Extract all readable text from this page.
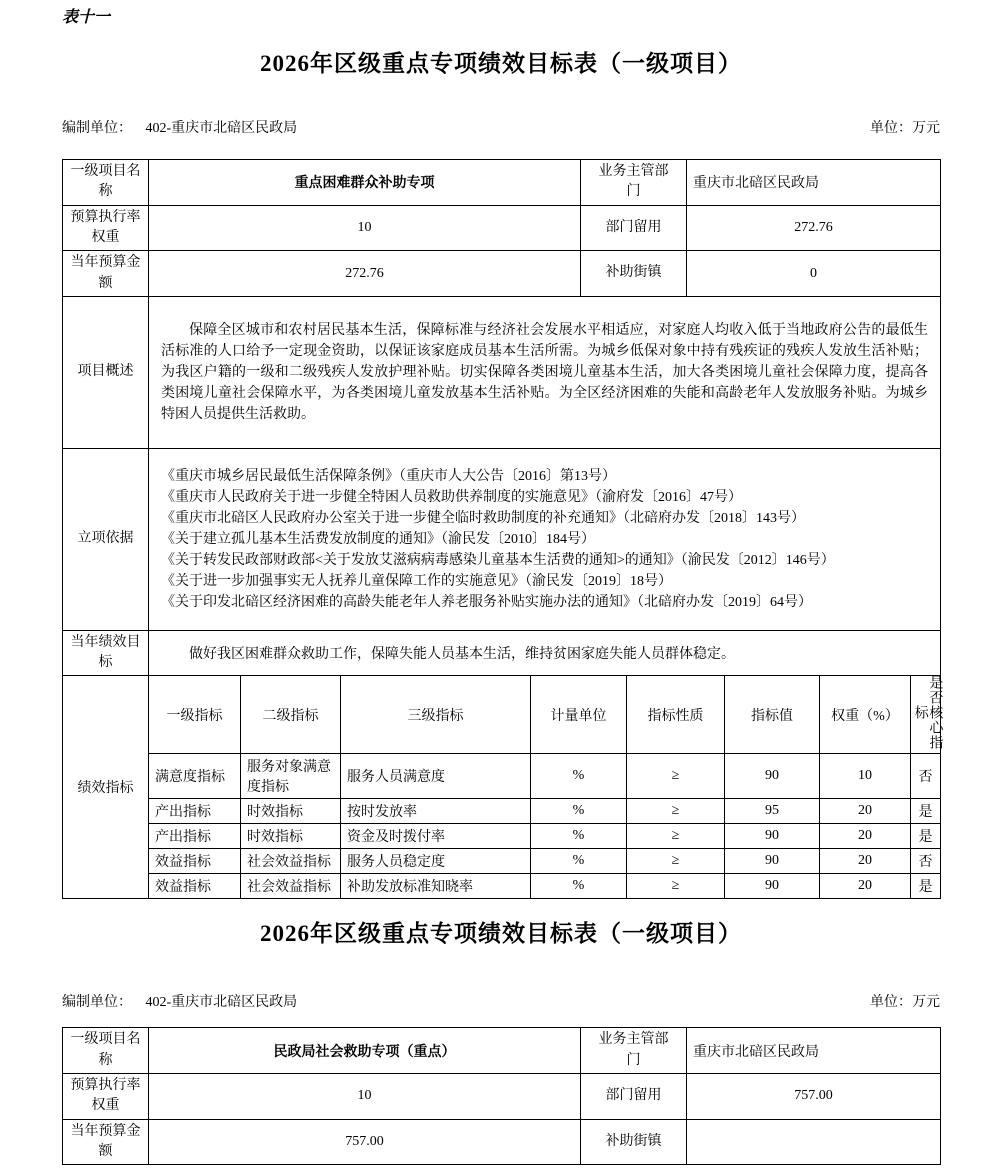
表十一
2026年区级重点专项绩效目标表（一级项目）
编制单位： 402-重庆市北碚区民政局	单位：万元
一级项目名称	重点困难群众补助专项	业务主管部门	重庆市北碚区民政局
预算执行率权重	10	部门留用	272.76
当年预算金额	272.76	补助街镇	0
项目概述	保障全区城市和农村居民基本生活，保障标准与经济社会发展水平相适应，对家庭人均收入低于当地政府公告的最低生活标准的人口给予一定现金资助，以保证该家庭成员基本生活所需。为城乡低保对象中持有残疾证的残疾人发放生活补贴；为我区户籍的一级和二级残疾人发放护理补贴。切实保障各类困境儿童基本生活，加大各类困境儿童社会保障力度，提高各类困境儿童社会保障水平，为各类困境儿童发放基本生活补贴。为全区经济困难的失能和高龄老年人发放服务补贴。为城乡特困人员提供生活救助。		
立项依据	
《重庆市城乡居民最低生活保障条例》（重庆市人大公告〔2016〕第13号）
《重庆市人民政府关于进一步健全特困人员救助供养制度的实施意见》（渝府发〔2016〕47号）
《重庆市北碚区人民政府办公室关于进一步健全临时救助制度的补充通知》（北碚府办发〔2018〕143号）
《关于建立孤儿基本生活费发放制度的通知》（渝民发〔2010〕184号）
《关于转发民政部财政部<关于发放艾滋病病毒感染儿童基本生活费的通知>的通知》（渝民发〔2012〕146号）
《关于进一步加强事实无人抚养儿童保障工作的实施意见》（渝民发〔2019〕18号）
《关于印发北碚区经济困难的高龄失能老年人养老服务补贴实施办法的通知》（北碚府办发〔2019〕64号）

当年绩效目标	做好我区困难群众救助工作，保障失能人员基本生活，维持贫困家庭失能人员群体稳定。		
绩效指标	一级指标	二级指标	三级指标	计量单位	指标性质	指标值	权重（%）	是否核心指标
	满意度指标	服务对象满意度指标	服务人员满意度	%	≥	90	10	否
	产出指标	时效指标	按时发放率	%	≥	95	20	是
	产出指标	时效指标	资金及时拨付率	%	≥	90	20	是
	效益指标	社会效益指标	服务人员稳定度	%	≥	90	20	否
	效益指标	社会效益指标	补助发放标准知晓率	%	≥	90	20	是
2026年区级重点专项绩效目标表（一级项目）
编制单位： 402-重庆市北碚区民政局	单位：万元
一级项目名称	民政局社会救助专项（重点）	业务主管部门	重庆市北碚区民政局
预算执行率权重	10	部门留用	757.00
当年预算金额	757.00	补助街镇	
